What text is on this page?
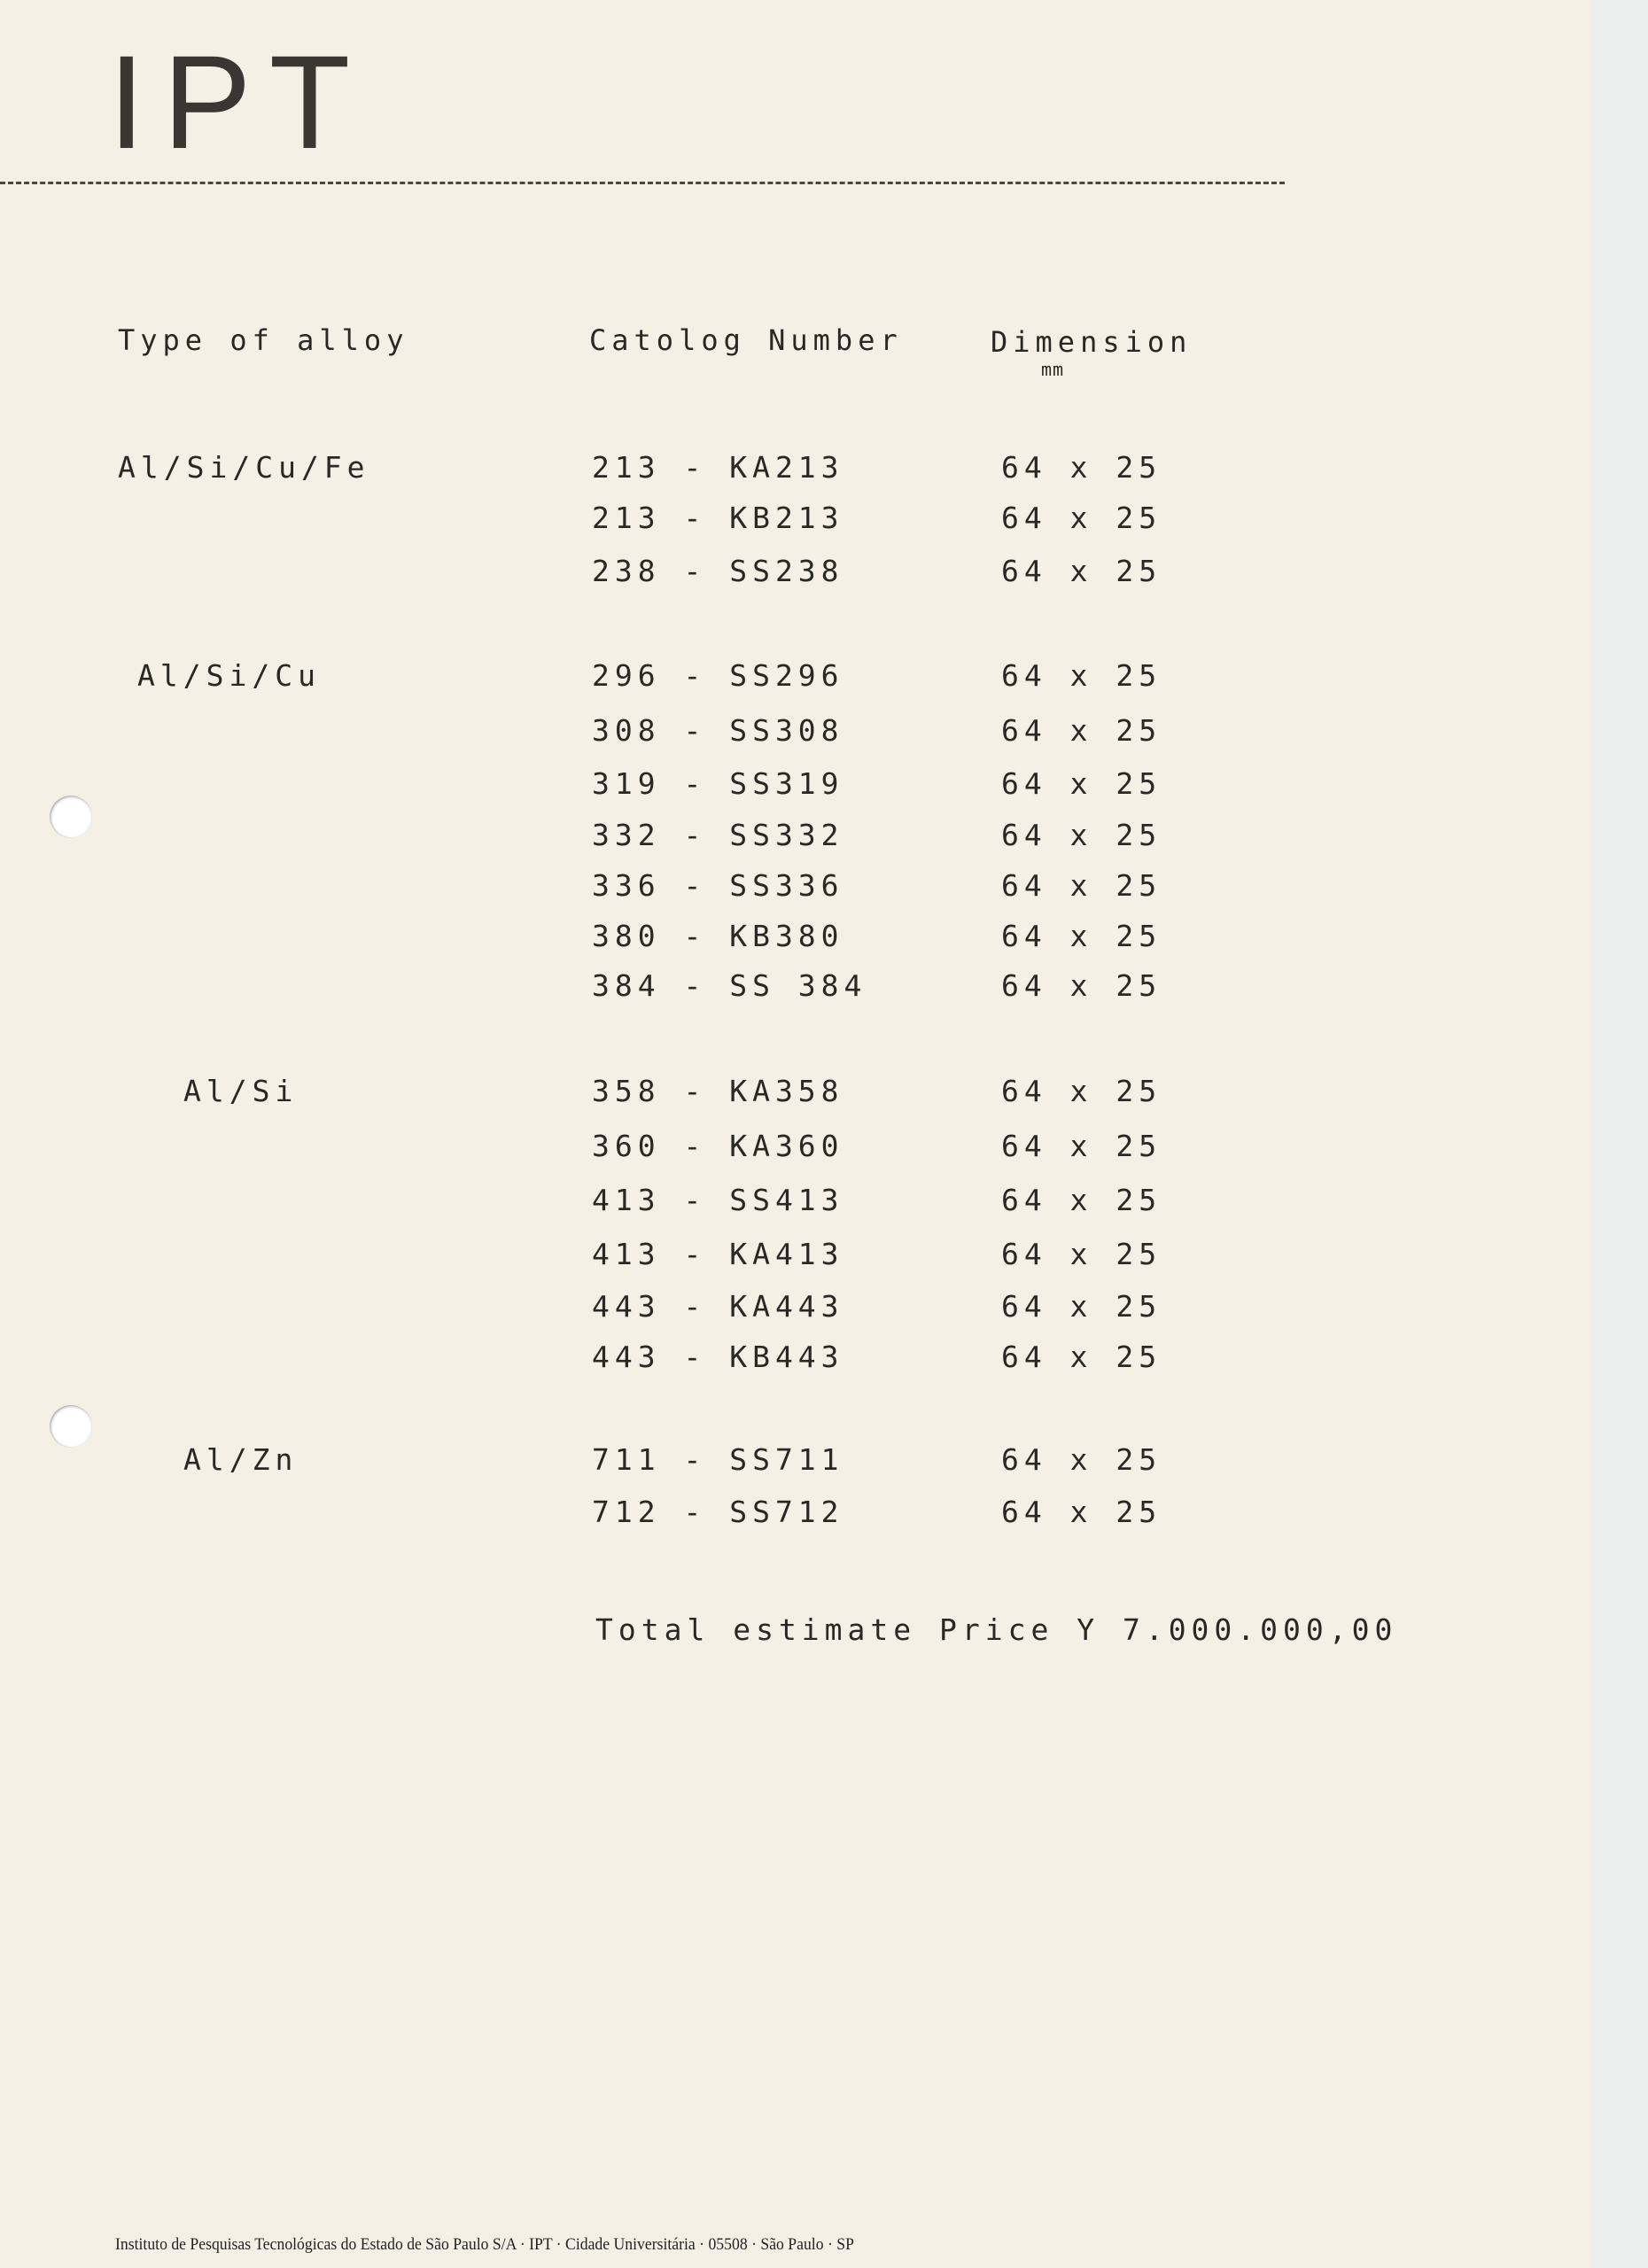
IPT
Type of alloy	Catolog Number	Dimension
mm
Al/Si/Cu/Fe	213 - KA213	64 x 25
213 - KB213	64 x 25
238 - SS238	64 x 25
Al/Si/Cu	296 - SS296	64 x 25
308 - SS308	64 x 25
319 - SS319	64 x 25
332 - SS332	64 x 25
336 - SS336	64 x 25
380 - KB380	64 x 25
384 - SS 384	64 x 25
Al/Si	358 - KA358	64 x 25
360 - KA360	64 x 25
413 - SS413	64 x 25
413 - KA413	64 x 25
443 - KA443	64 x 25
443 - KB443	64 x 25
Al/Zn	711 - SS711	64 x 25
712 - SS712	64 x 25
Total estimate Price Y 7.000.000,00
Instituto de Pesquisas Tecnológicas do Estado de São Paulo S/A · IPT · Cidade Universitária · 05508 · São Paulo · SP
